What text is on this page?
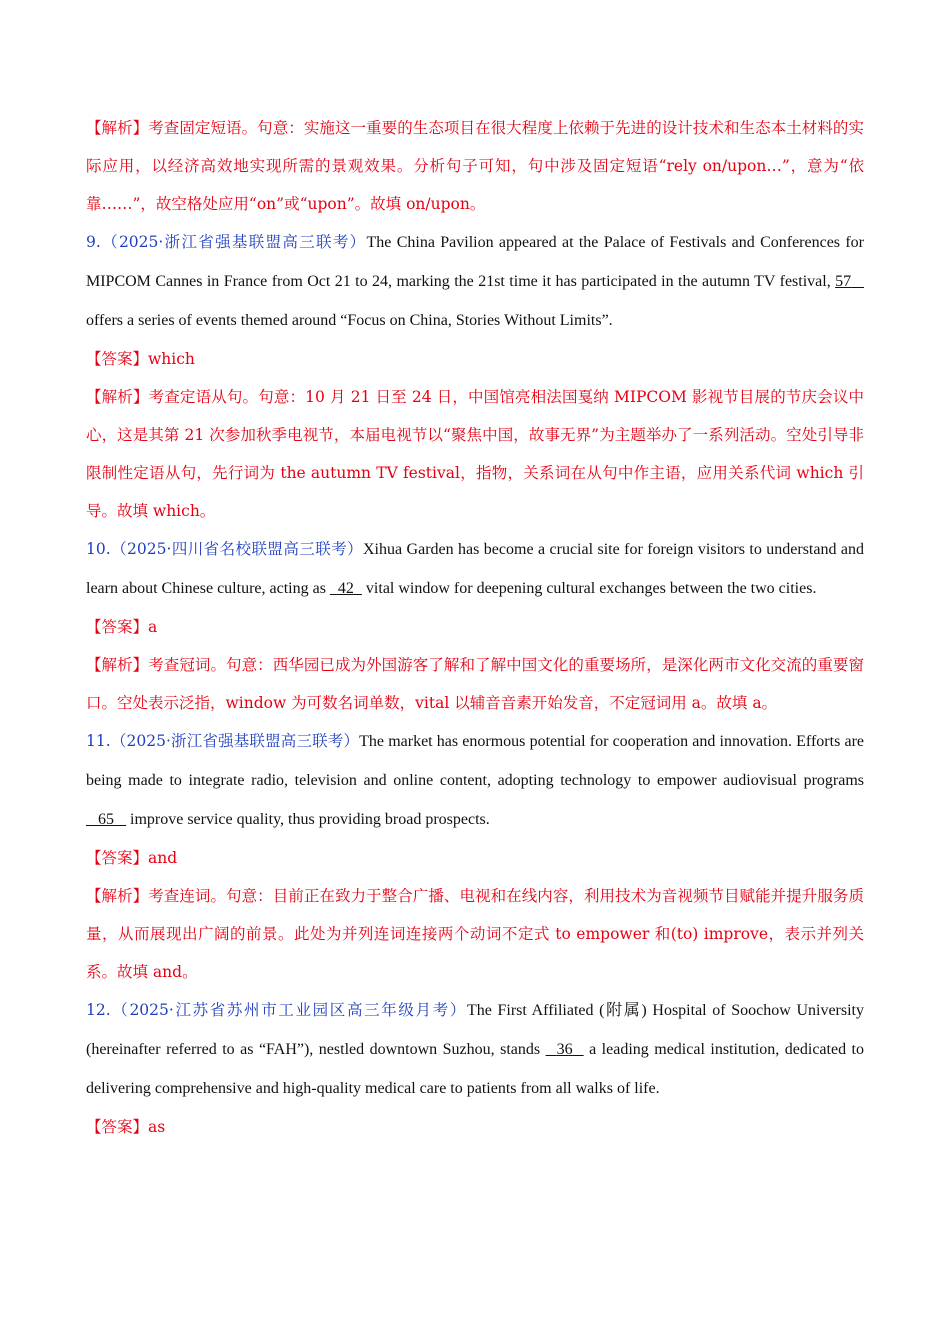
【解析】考查固定短语。句意：实施这一重要的生态项目在很大程度上依赖于先进的设计技术和生态本土材料的实际应用，以经济高效地实现所需的景观效果。分析句子可知，句中涉及固定短语“rely on/upon…”，意为“依靠……”，故空格处应用“on”或“upon”。故填 on/upon。

9.（2025·浙江省强基联盟高三联考）The China Pavilion appeared at the Palace of Festivals and Conferences for MIPCOM Cannes in France from Oct 21 to 24, marking the 21st time it has participated in the autumn TV festival, 57    offers a series of events themed around “Focus on China, Stories Without Limits”.

【答案】which

【解析】考查定语从句。句意：10 月 21 日至 24 日，中国馆亮相法国戛纳 MIPCOM 影视节目展的节庆会议中心，这是其第 21 次参加秋季电视节，本届电视节以“聚焦中国，故事无界”为主题举办了一系列活动。空处引导非限制性定语从句，先行词为 the autumn TV festival，指物，关系词在从句中作主语，应用关系代词 which 引导。故填 which。

10.（2025·四川省名校联盟高三联考）Xihua Garden has become a crucial site for foreign visitors to understand and learn about Chinese culture, acting as   42   vital window for deepening cultural exchanges between the two cities.

【答案】a

【解析】考查冠词。句意：西华园已成为外国游客了解和了解中国文化的重要场所，是深化两市文化交流的重要窗口。空处表示泛指，window 为可数名词单数，vital 以辅音音素开始发音，不定冠词用 a。故填 a。

11.（2025·浙江省强基联盟高三联考）The market has enormous potential for cooperation and innovation. Efforts are being made to integrate radio, television and online content, adopting technology to empower audiovisual programs    65    improve service quality, thus providing broad prospects.

【答案】and

【解析】考查连词。句意：目前正在致力于整合广播、电视和在线内容，利用技术为音视频节目赋能并提升服务质量，从而展现出广阔的前景。此处为并列连词连接两个动词不定式 to empower 和(to) improve，表示并列关系。故填 and。

12.（2025·江苏省苏州市工业园区高三年级月考）The First Affiliated (附属) Hospital of Soochow University (hereinafter referred to as “FAH”), nestled downtown Suzhou, stands   36   a leading medical institution, dedicated to delivering comprehensive and high-quality medical care to patients from all walks of life.

【答案】as
